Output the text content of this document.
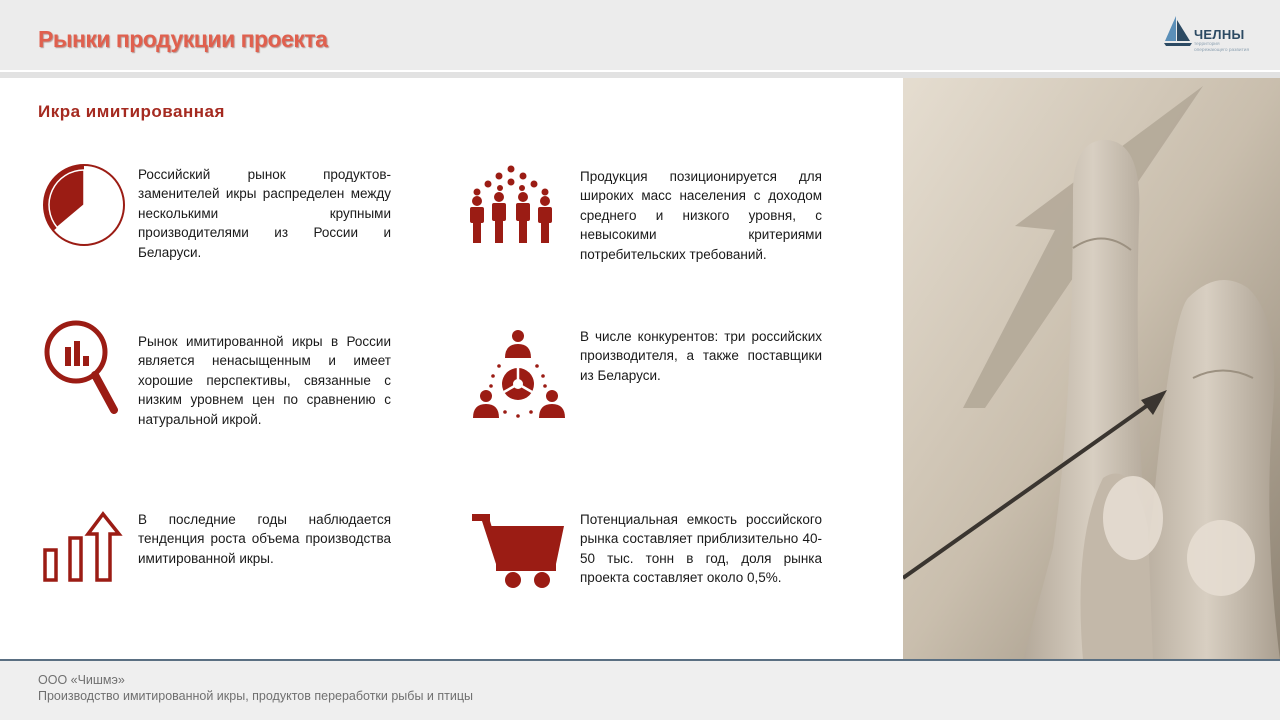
Рынки продукции проекта	ЧЕЛНЫ
территория опережающего развития
Икра имитированная
Российский рынок продуктов-заменителей икры распределен между несколькими крупными производителями из России и Беларуси.
Продукция позиционируется для широких масс населения с доходом среднего и низкого уровня, с невысокими критериями потребительских требований.
Рынок имитированной икры в России является ненасыщенным и имеет хорошие перспективы, связанные с низким уровнем цен по сравнению с натуральной икрой.
В числе конкурентов: три российских производителя, а также поставщики из Беларуси.
В последние годы наблюдается тенденция роста объема производства имитированной икры.
Потенциальная емкость российского рынка составляет приблизительно 40-50 тыс. тонн в год, доля рынка проекта составляет около 0,5%.
ООО «Чишмэ»
Производство имитированной икры, продуктов переработки рыбы и птицы
